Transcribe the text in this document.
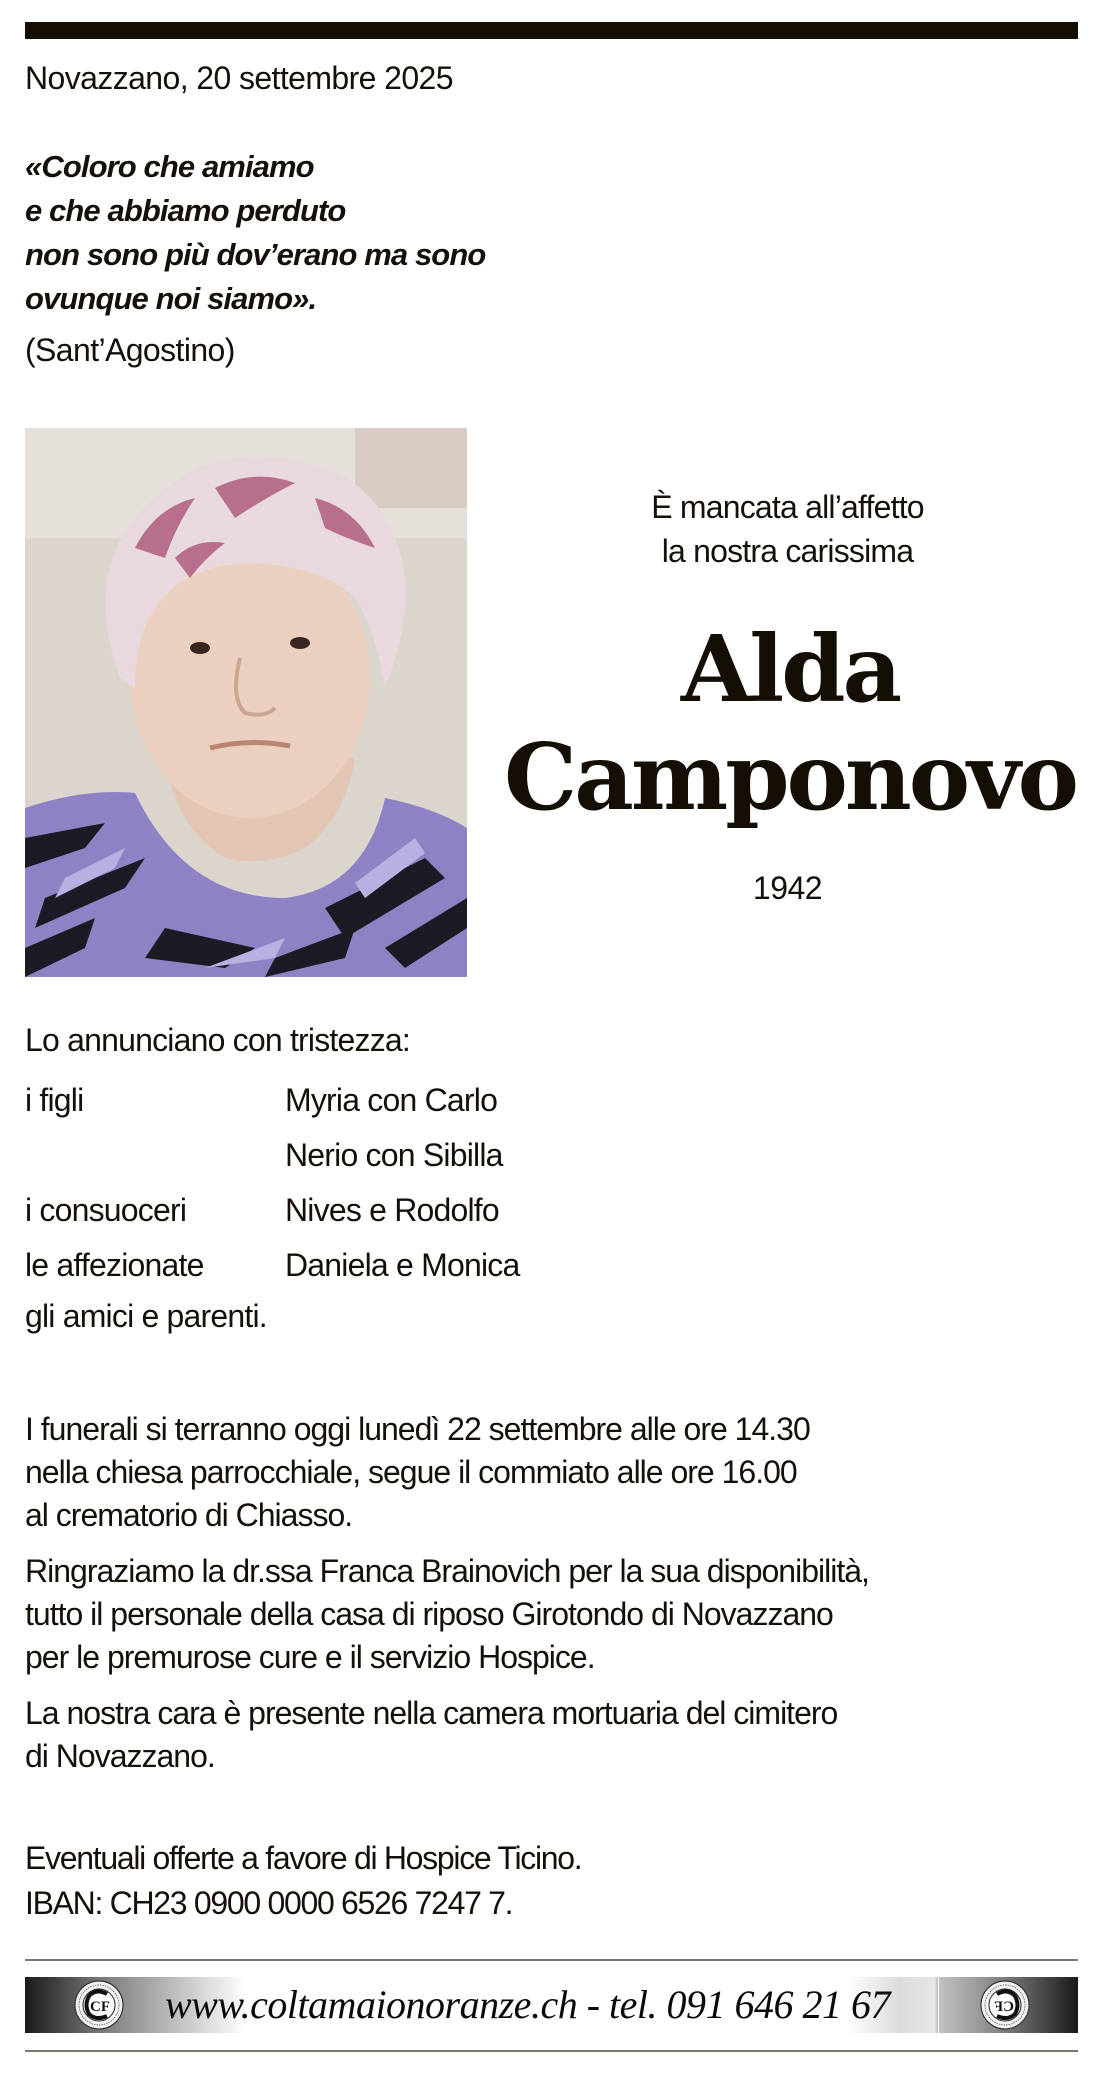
Novazzano, 20 settembre 2025
«Coloro che amiamo
e che abbiamo perduto
non sono più dov’erano ma sono
ovunque noi siamo».
(Sant’Agostino)
È mancata all’affetto
la nostra carissima
Alda
Camponovo
1942
Lo annunciano con tristezza:
i figli	Myria con Carlo
Nerio con Sibilla
i consuoceri	Nives e Rodolfo
le affezionate	Daniela e Monica
gli amici e parenti.
I funerali si terranno oggi lunedì 22 settembre alle ore 14.30
nella chiesa parrocchiale, segue il commiato alle ore 16.00
al crematorio di Chiasso.
Ringraziamo la dr.ssa Franca Brainovich per la sua disponibilità,
tutto il personale della casa di riposo Girotondo di Novazzano
per le premurose cure e il servizio Hospice.
La nostra cara è presente nella camera mortuaria del cimitero
di Novazzano.
Eventuali offerte a favore di Hospice Ticino.
IBAN: CH23 0900 0000 6526 7247 7.
CF www.coltamaionoranze.ch - tel. 091 646 21 67	CF
